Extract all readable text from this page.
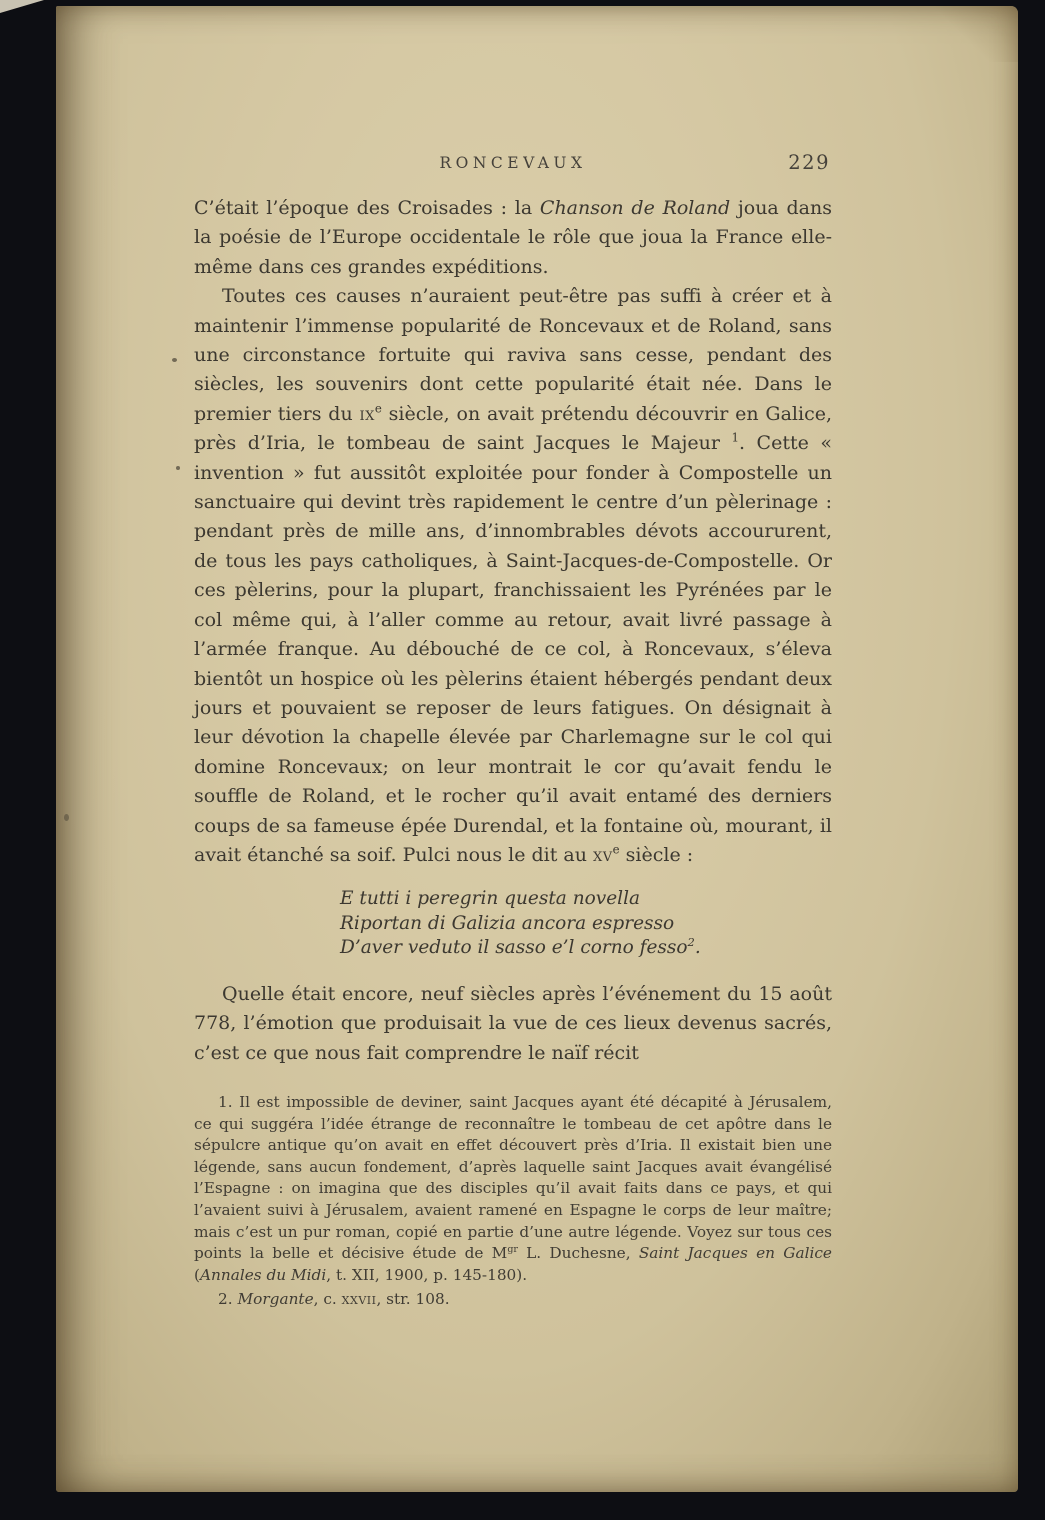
RONCEVAUX	229

C’était l’époque des Croisades : la Chanson de Roland joua dans la poésie de l’Europe occidentale le rôle que joua la France elle-même dans ces grandes expéditions.

Toutes ces causes n’auraient peut-être pas suffi à créer et à maintenir l’immense popularité de Roncevaux et de Roland, sans une circonstance fortuite qui raviva sans cesse, pendant des siècles, les souvenirs dont cette popularité était née. Dans le premier tiers du $ix^e$ siècle, on avait prétendu découvrir en Galice, près d’Iria, le tombeau de saint Jacques le Majeur $^1$. Cette « invention » fut aussitôt exploitée pour fonder à Compostelle un sanctuaire qui devint très rapidement le centre d’un pèlerinage : pendant près de mille ans, d’innombrables dévots accoururent, de tous les pays catholiques, à Saint-Jacques-de-Compostelle. Or ces pèlerins, pour la plupart, franchissaient les Pyrénées par le col même qui, à l’aller comme au retour, avait livré passage à l’armée franque. Au débouché de ce col, à Roncevaux, s’éleva bientôt un hospice où les pèlerins étaient hébergés pendant deux jours et pouvaient se reposer de leurs fatigues. On désignait à leur dévotion la chapelle élevée par Charlemagne sur le col qui domine Roncevaux; on leur montrait le cor qu’avait fendu le souffle de Roland, et le rocher qu’il avait entamé des derniers coups de sa fameuse épée Durendal, et la fontaine où, mourant, il avait étanché sa soif. Pulci nous le dit au $xv^e$ siècle :

E tutti i peregrin questa novella
Riportan di Galizia ancora espresso
D’aver veduto il sasso e’l corno fesso$^2$.

Quelle était encore, neuf siècles après l’événement du 15 août 778, l’émotion que produisait la vue de ces lieux devenus sacrés, c’est ce que nous fait comprendre le naïf récit

1. Il est impossible de deviner, saint Jacques ayant été décapité à Jérusalem, ce qui suggéra l’idée étrange de reconnaître le tombeau de cet apôtre dans le sépulcre antique qu’on avait en effet découvert près d’Iria. Il existait bien une légende, sans aucun fondement, d’après laquelle saint Jacques avait évangélisé l’Espagne : on imagina que des disciples qu’il avait faits dans ce pays, et qui l’avaient suivi à Jérusalem, avaient ramené en Espagne le corps de leur maître; mais c’est un pur roman, copié en partie d’une autre légende. Voyez sur tous ces points la belle et décisive étude de $M^{gr}$ L. Duchesne, Saint Jacques en Galice (Annales du Midi, t. XII, 1900, p. 145-180).

2. Morgante, c. xxvii, str. 108.
